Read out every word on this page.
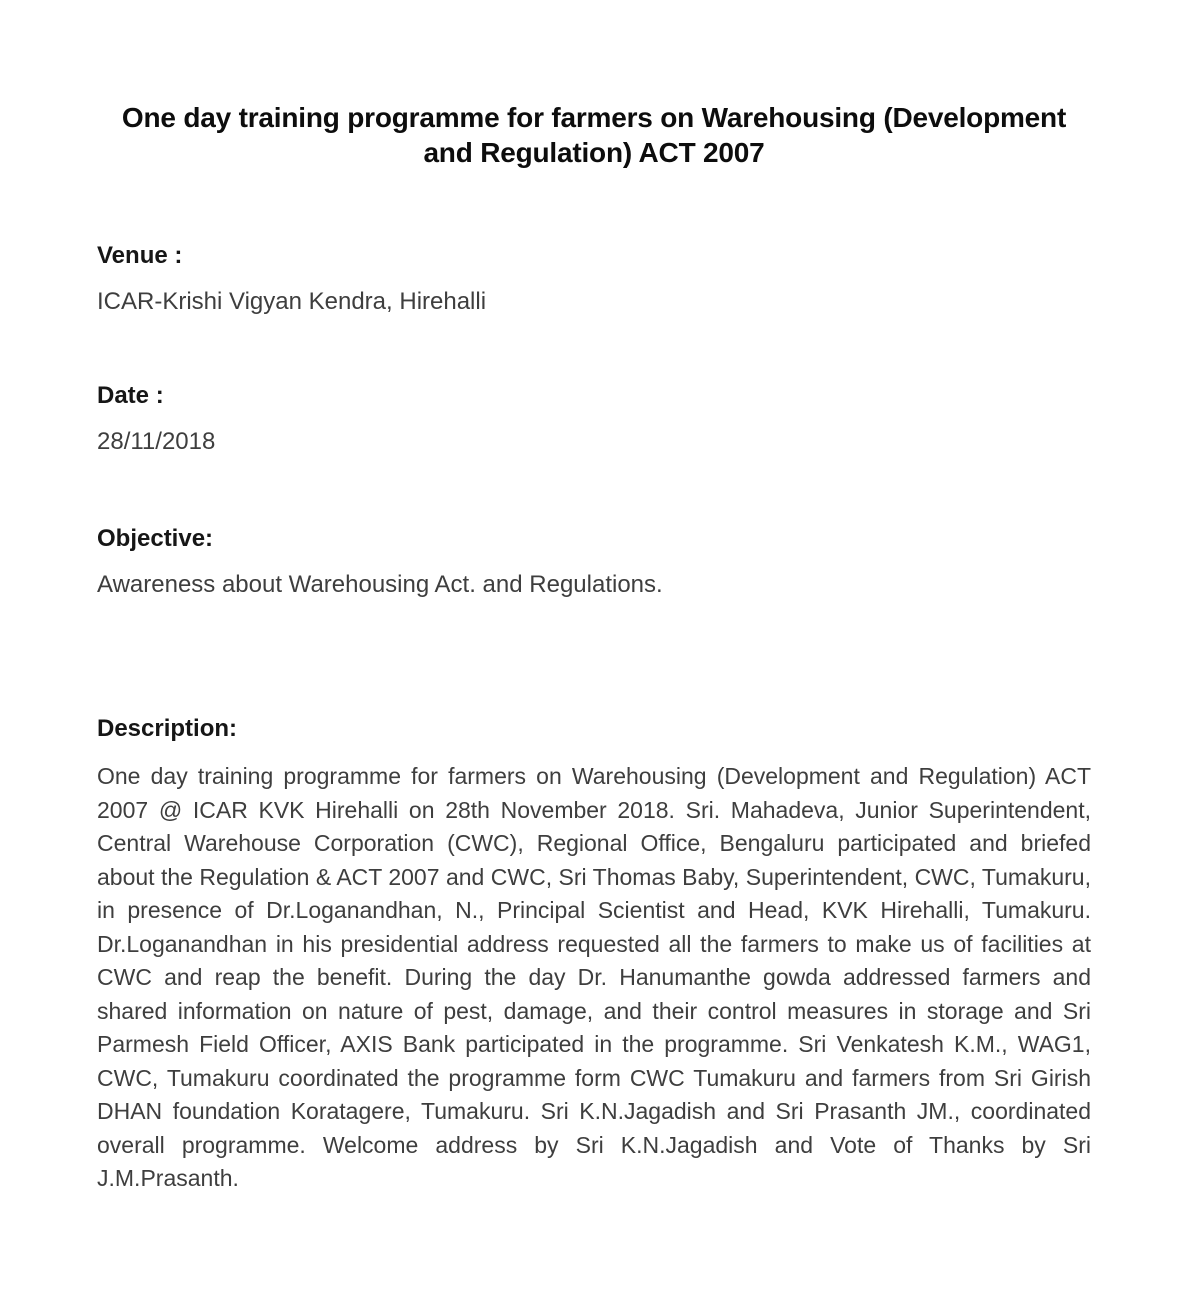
One day training programme for farmers on Warehousing (Development and Regulation) ACT 2007
Venue :

ICAR-Krishi Vigyan Kendra, Hirehalli

Date :

28/11/2018

Objective:

Awareness about Warehousing Act. and Regulations.

Description:

One day training programme for farmers on Warehousing (Development and Regulation) ACT 2007 @ ICAR KVK Hirehalli on 28th November 2018. Sri. Mahadeva, Junior Superintendent, Central Warehouse Corporation (CWC), Regional Office, Bengaluru participated and briefed about the Regulation & ACT 2007 and CWC, Sri Thomas Baby, Superintendent, CWC, Tumakuru, in presence of Dr.Loganandhan, N., Principal Scientist and Head, KVK Hirehalli, Tumakuru. Dr.Loganandhan in his presidential address requested all the farmers to make us of facilities at CWC and reap the benefit. During the day Dr. Hanumanthe gowda addressed farmers and shared information on nature of pest, damage, and their control measures in storage and Sri Parmesh Field Officer, AXIS Bank participated in the programme. Sri Venkatesh K.M., WAG1, CWC, Tumakuru coordinated the programme form CWC Tumakuru and farmers from Sri Girish DHAN foundation Koratagere, Tumakuru. Sri K.N.Jagadish and Sri Prasanth JM., coordinated overall programme. Welcome address by Sri K.N.Jagadish and Vote of Thanks by Sri J.M.Prasanth.
